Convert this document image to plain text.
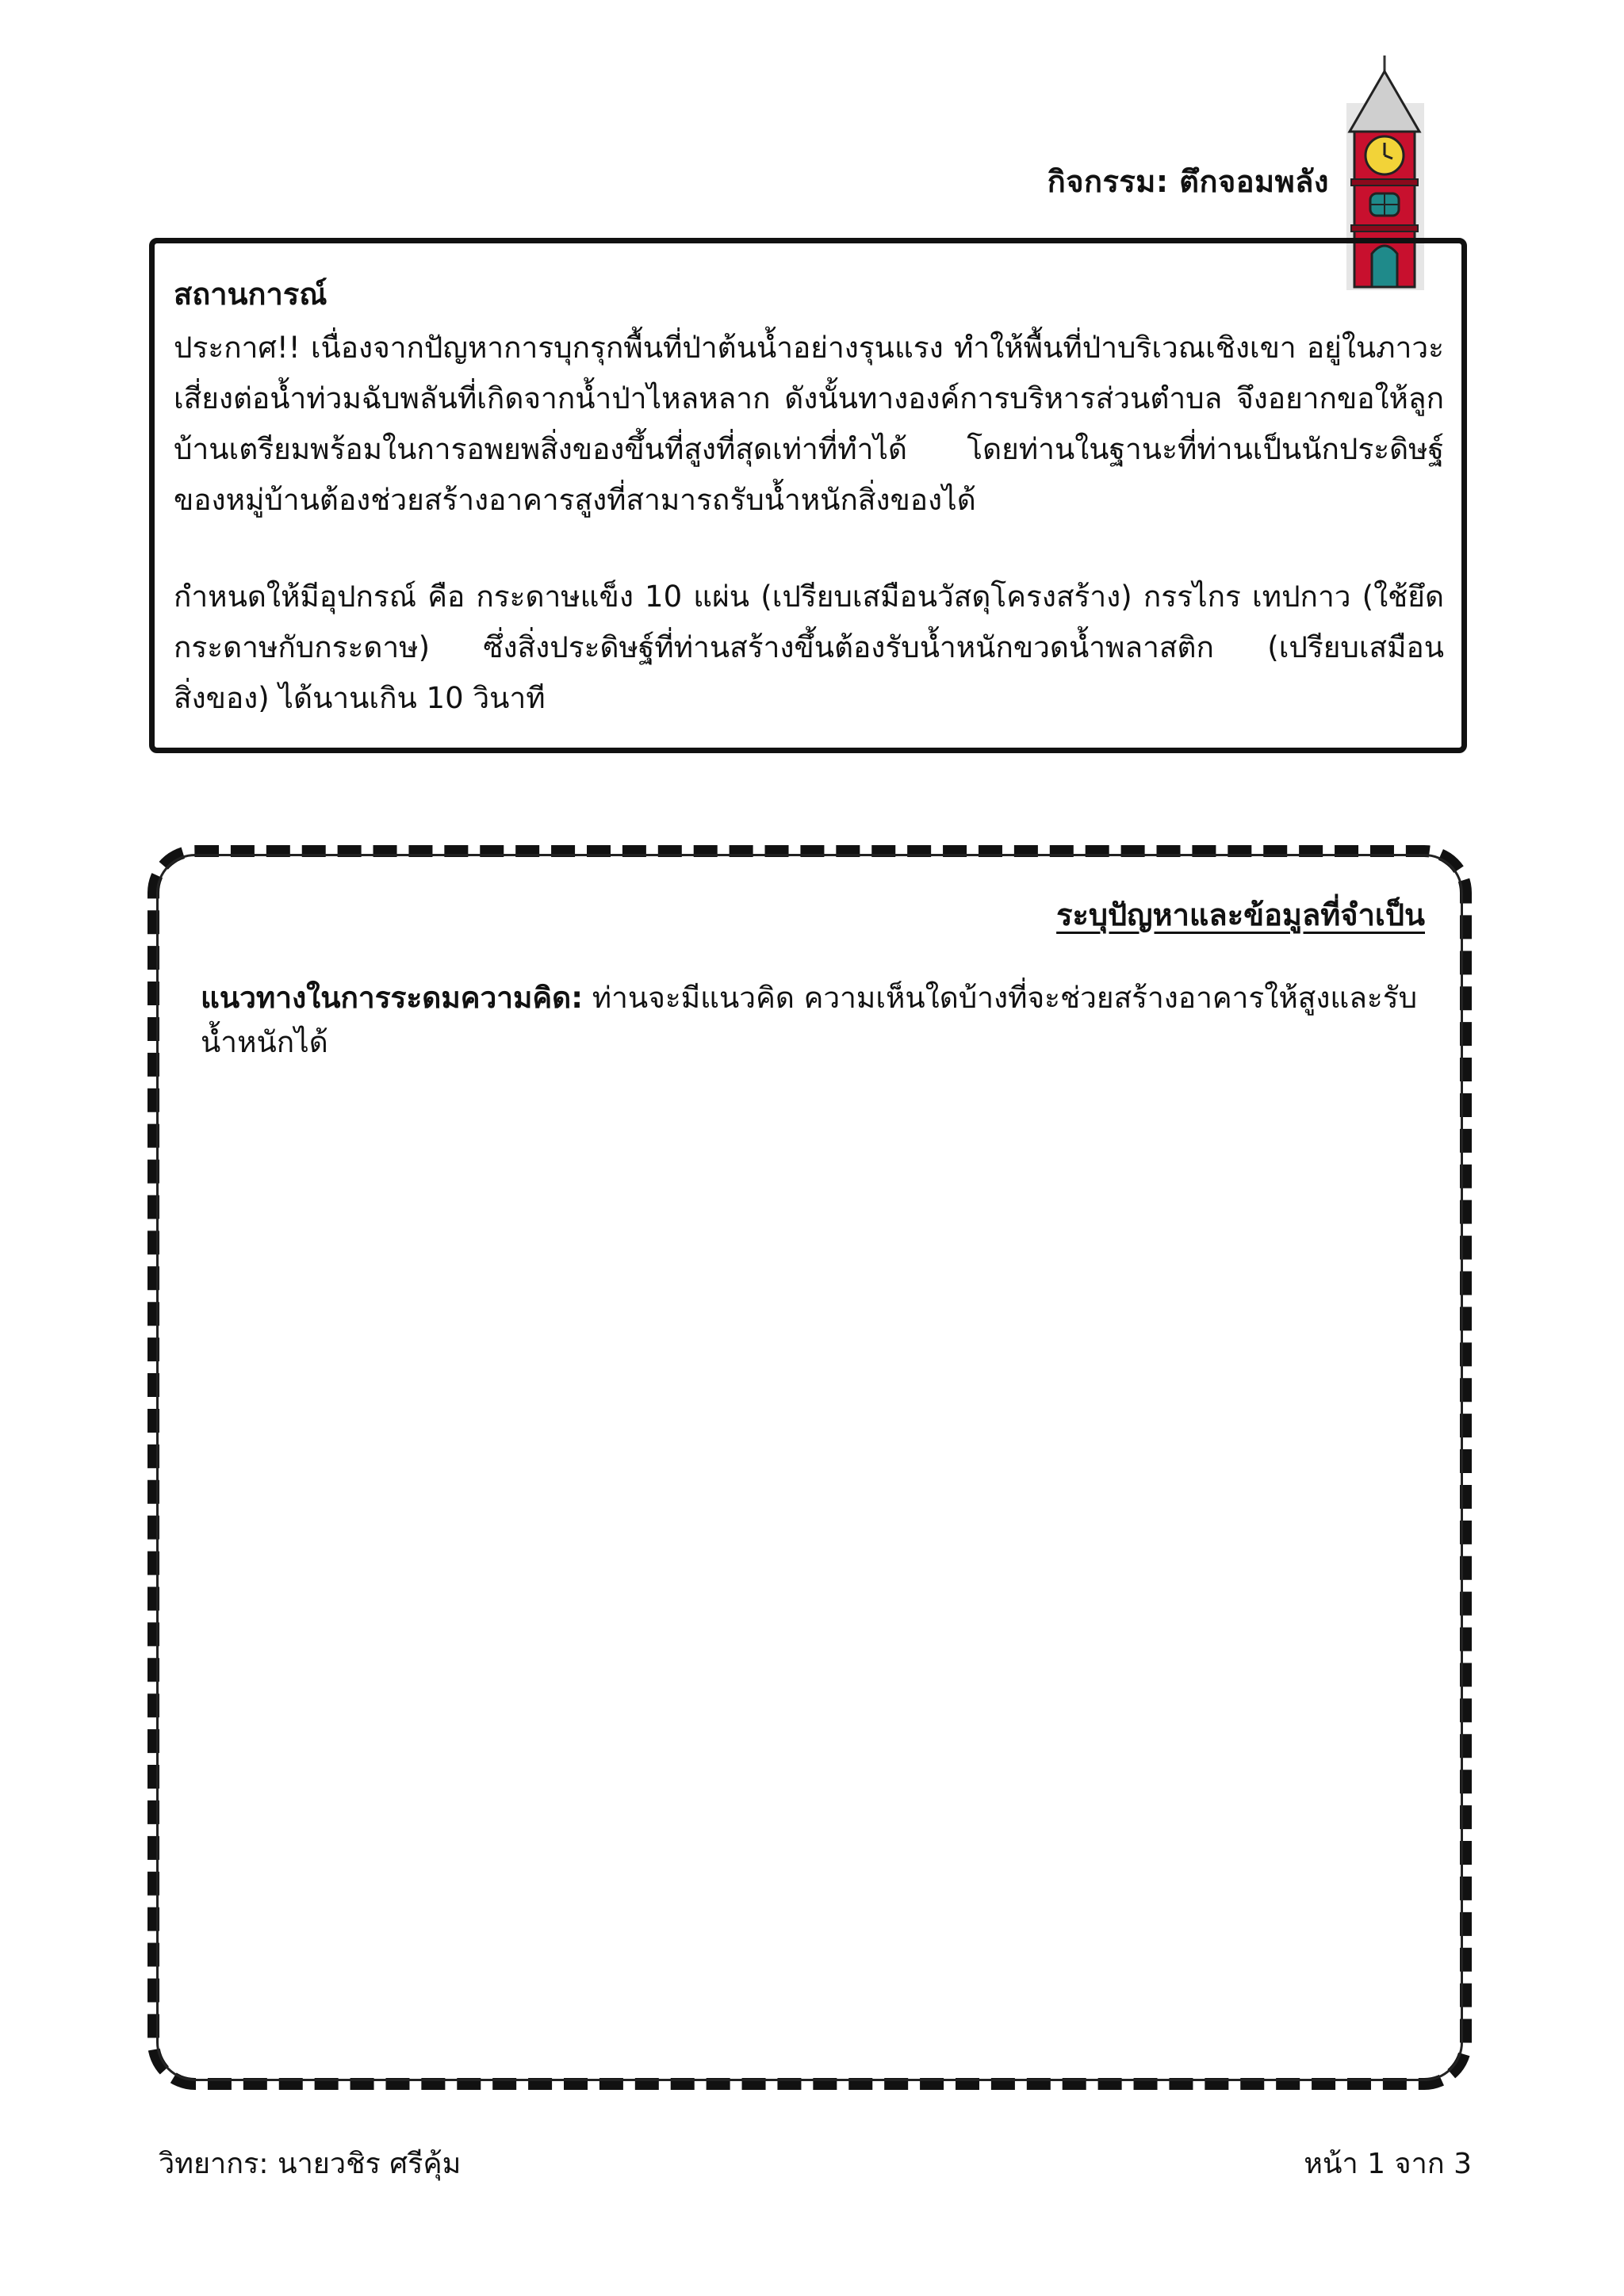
กิจกรรม: ตึกจอมพลัง
สถานการณ์

ประกาศ!! เนื่องจากปัญหาการบุกรุกพื้นที่ป่าต้นน้ำอย่างรุนแรง ทำให้พื้นที่ป่าบริเวณเชิงเขา อยู่ในภาวะเสี่ยงต่อน้ำท่วมฉับพลันที่เกิดจากน้ำป่าไหลหลาก ดังนั้นทางองค์การบริหารส่วนตำบล จึงอยากขอให้ลูกบ้านเตรียมพร้อมในการอพยพสิ่งของขึ้นที่สูงที่สุดเท่าที่ทำได้ โดยท่านในฐานะที่ท่านเป็นนักประดิษฐ์ของหมู่บ้านต้องช่วยสร้างอาคารสูงที่สามารถรับน้ำหนักสิ่งของได้

กำหนดให้มีอุปกรณ์ คือ กระดาษแข็ง 10 แผ่น (เปรียบเสมือนวัสดุโครงสร้าง) กรรไกร เทปกาว (ใช้ยึดกระดาษกับกระดาษ) ซึ่งสิ่งประดิษฐ์ที่ท่านสร้างขึ้นต้องรับน้ำหนักขวดน้ำพลาสติก (เปรียบเสมือนสิ่งของ) ได้นานเกิน 10 วินาที

ระบุปัญหาและข้อมูลที่จำเป็น
แนวทางในการระดมความคิด: ท่านจะมีแนวคิด ความเห็นใดบ้างที่จะช่วยสร้างอาคารให้สูงและรับน้ำหนักได้
วิทยากร: นายวชิร ศรีคุ้ม	หน้า 1 จาก 3
